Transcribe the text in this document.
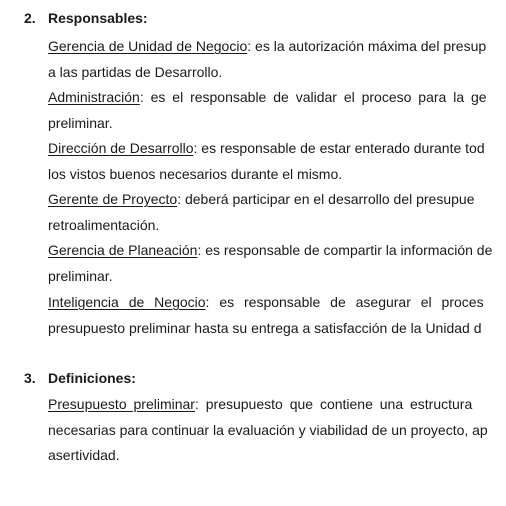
2. Responsables:
Gerencia de Unidad de Negocio: es la autorización máxima del presup
a las partidas de Desarrollo.
Administración: es el responsable de validar el proceso para la ge
preliminar.
Dirección de Desarrollo: es responsable de estar enterado durante tod
los vistos buenos necesarios durante el mismo.
Gerente de Proyecto: deberá participar en el desarrollo del presupue
retroalimentación.
Gerencia de Planeación: es responsable de compartir la información de
preliminar.
Inteligencia de Negocio: es responsable de asegurar el proces
presupuesto preliminar hasta su entrega a satisfacción de la Unidad d
3. Definiciones:
Presupuesto preliminar: presupuesto que contiene una estructura
necesarias para continuar la evaluación y viabilidad de un proyecto, ap
asertividad.
